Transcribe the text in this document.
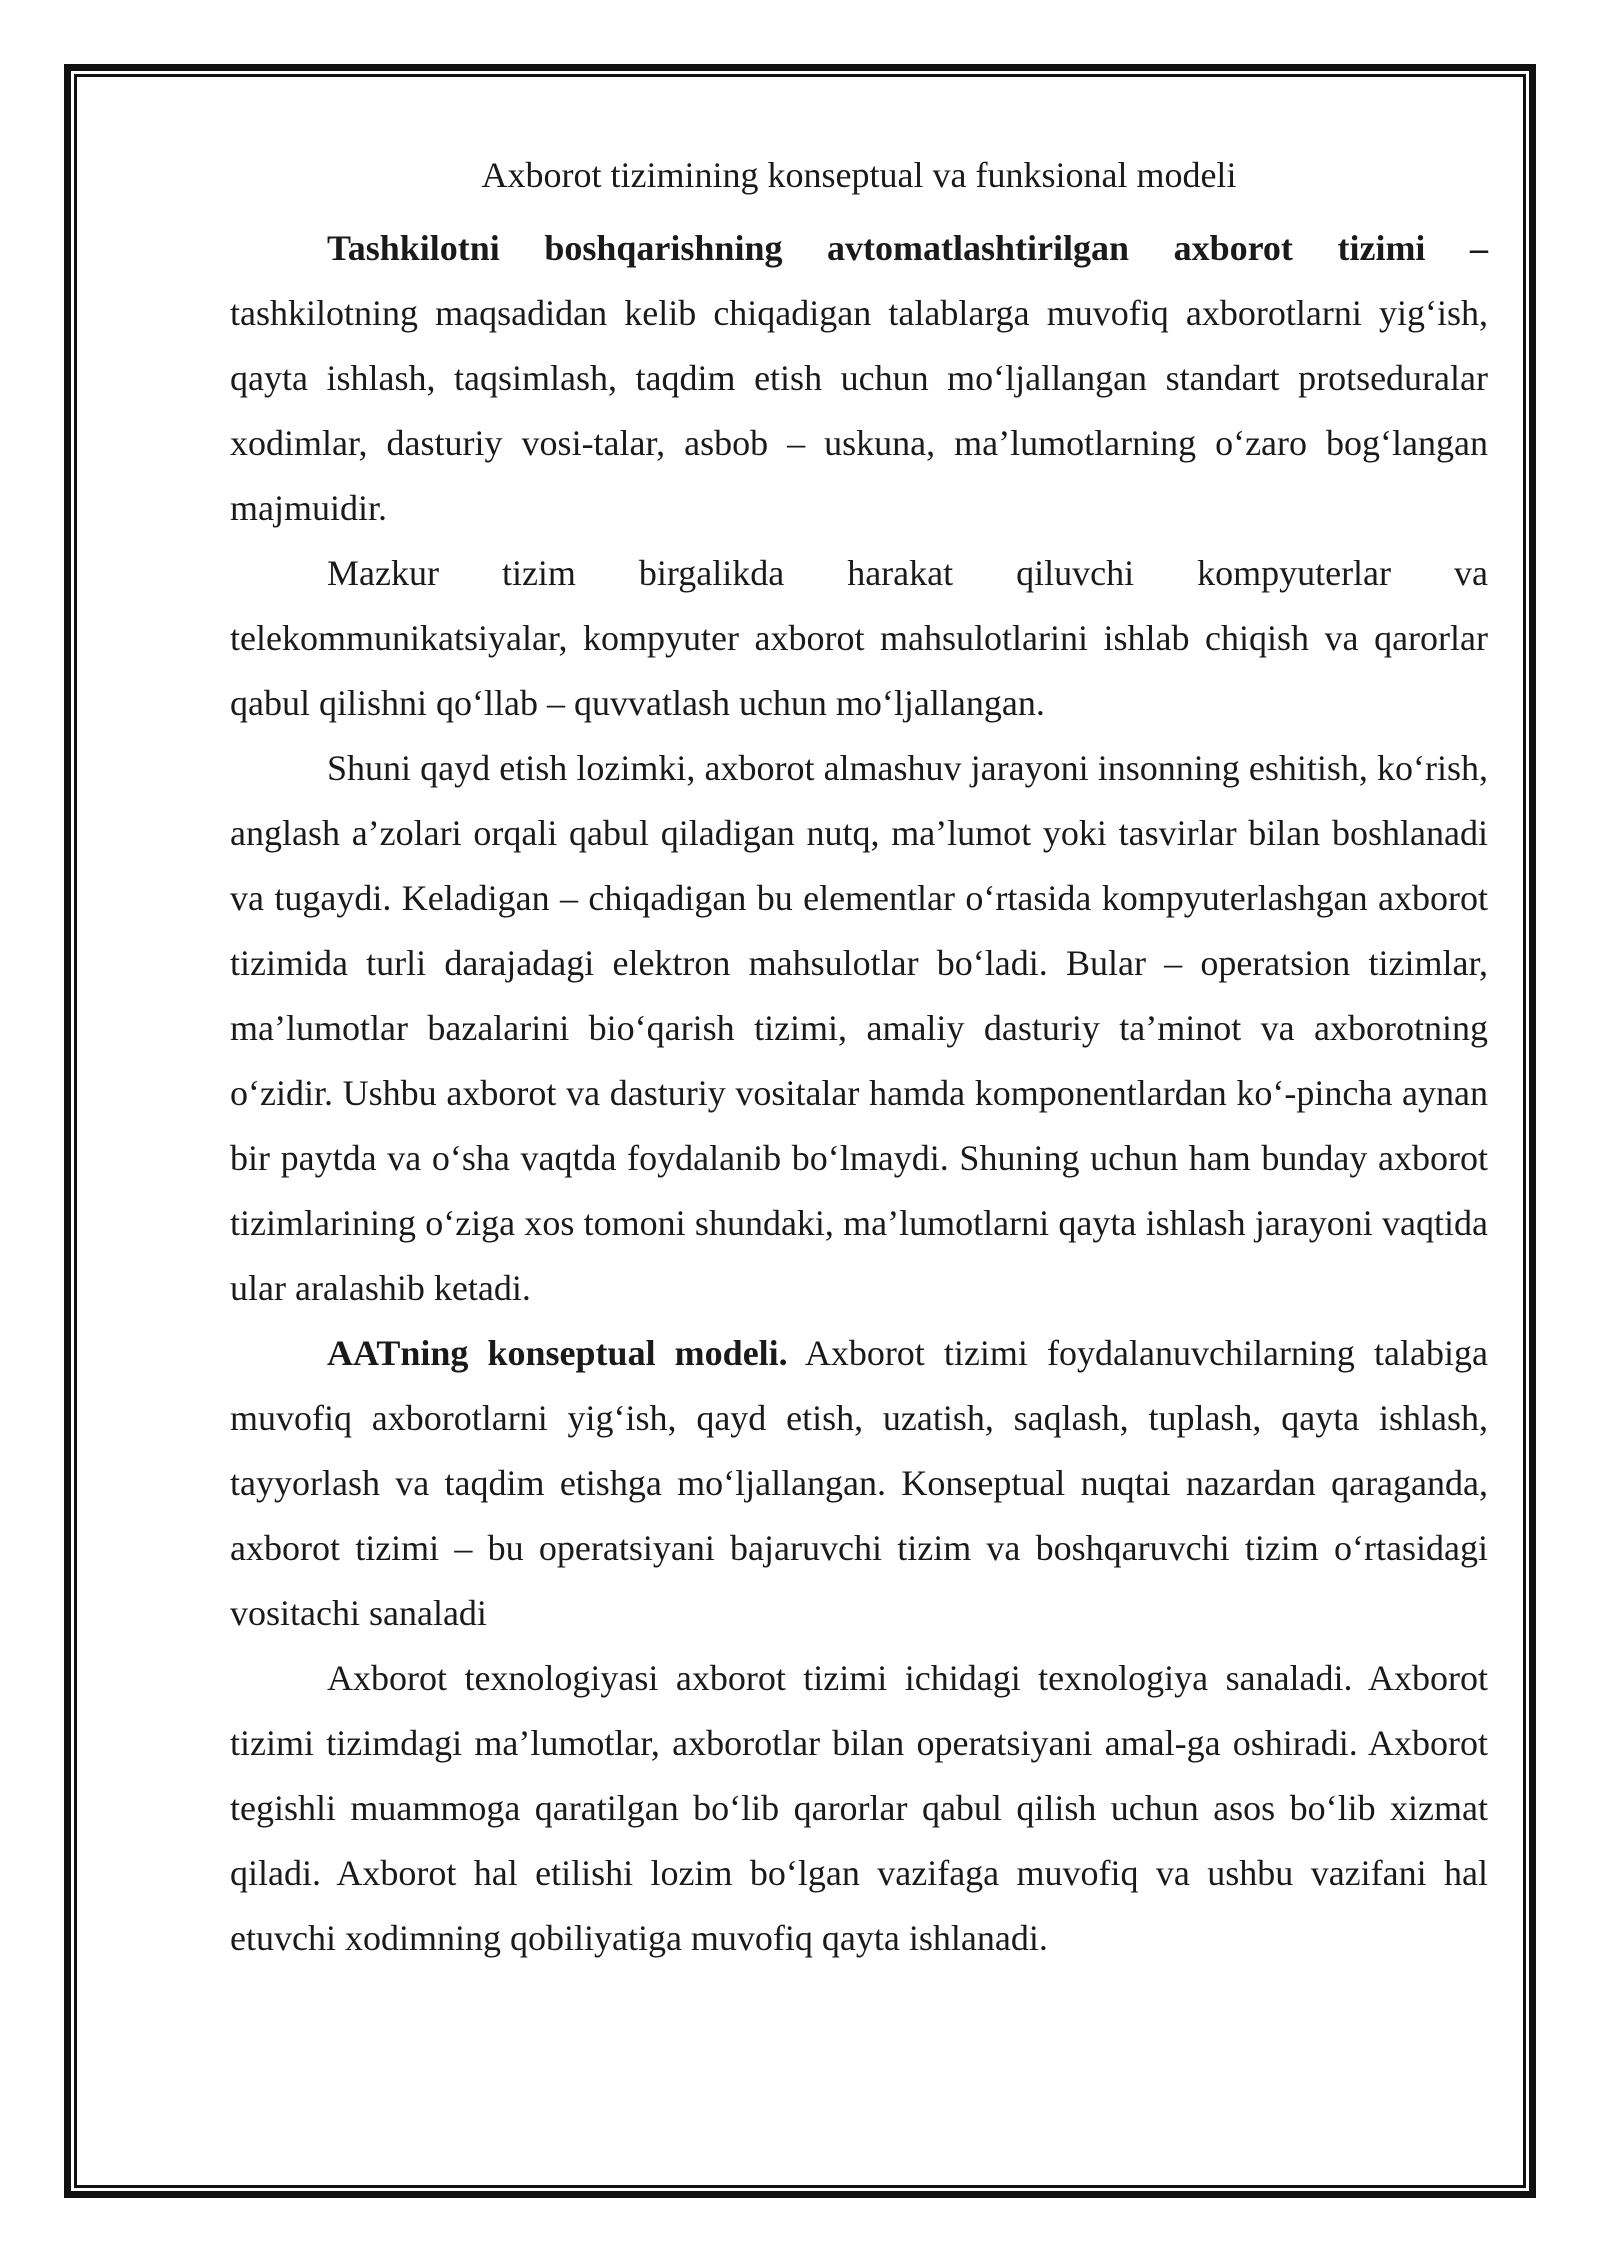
Axborot tizimining konseptual va funksional modeli

Tashkilotni boshqarishning avtomatlashtirilgan axborot tizimi – tashkilotning maqsadidan kelib chiqadigan talablarga muvofiq axborotlarni yig‘ish, qayta ishlash, taqsimlash, taqdim etish uchun mo‘ljallangan standart protseduralar xodimlar, dasturiy vosi-talar, asbob – uskuna, ma’lumotlarning o‘zaro bog‘langan majmuidir.

Mazkur tizim birgalikda harakat qiluvchi kompyuterlar va telekommunikatsiyalar, kompyuter axborot mahsulotlarini ishlab chiqish va qarorlar qabul qilishni qo‘llab – quvvatlash uchun mo‘ljallangan.

Shuni qayd etish lozimki, axborot almashuv jarayoni insonning eshitish, ko‘rish, anglash a’zolari orqali qabul qiladigan nutq, ma’lumot yoki tasvirlar bilan boshlanadi va tugaydi. Keladigan – chiqadigan bu elementlar o‘rtasida kompyuterlashgan axborot tizimida turli darajadagi elektron mahsulotlar bo‘ladi. Bular – operatsion tizimlar, ma’lumotlar bazalarini bio‘qarish tizimi, amaliy dasturiy ta’minot va axborotning o‘zidir. Ushbu axborot va dasturiy vositalar hamda komponentlardan ko‘-pincha aynan bir paytda va o‘sha vaqtda foydalanib bo‘lmaydi. Shuning uchun ham bunday axborot tizimlarining o‘ziga xos tomoni shundaki, ma’lumotlarni qayta ishlash jarayoni vaqtida ular aralashib ketadi.

AATning konseptual modeli. Axborot tizimi foydalanuvchilarning talabiga muvofiq axborotlarni yig‘ish, qayd etish, uzatish, saqlash, tuplash, qayta ishlash, tayyorlash va taqdim etishga mo‘ljallangan. Konseptual nuqtai nazardan qaraganda, axborot tizimi – bu operatsiyani bajaruvchi tizim va boshqaruvchi tizim o‘rtasidagi vositachi sanaladi

Axborot texnologiyasi axborot tizimi ichidagi texnologiya sanaladi. Axborot tizimi tizimdagi ma’lumotlar, axborotlar bilan operatsiyani amal-ga oshiradi. Axborot tegishli muammoga qaratilgan bo‘lib qarorlar qabul qilish uchun asos bo‘lib xizmat qiladi. Axborot hal etilishi lozim bo‘lgan vazifaga muvofiq va ushbu vazifani hal etuvchi xodimning qobiliyatiga muvofiq qayta ishlanadi.
